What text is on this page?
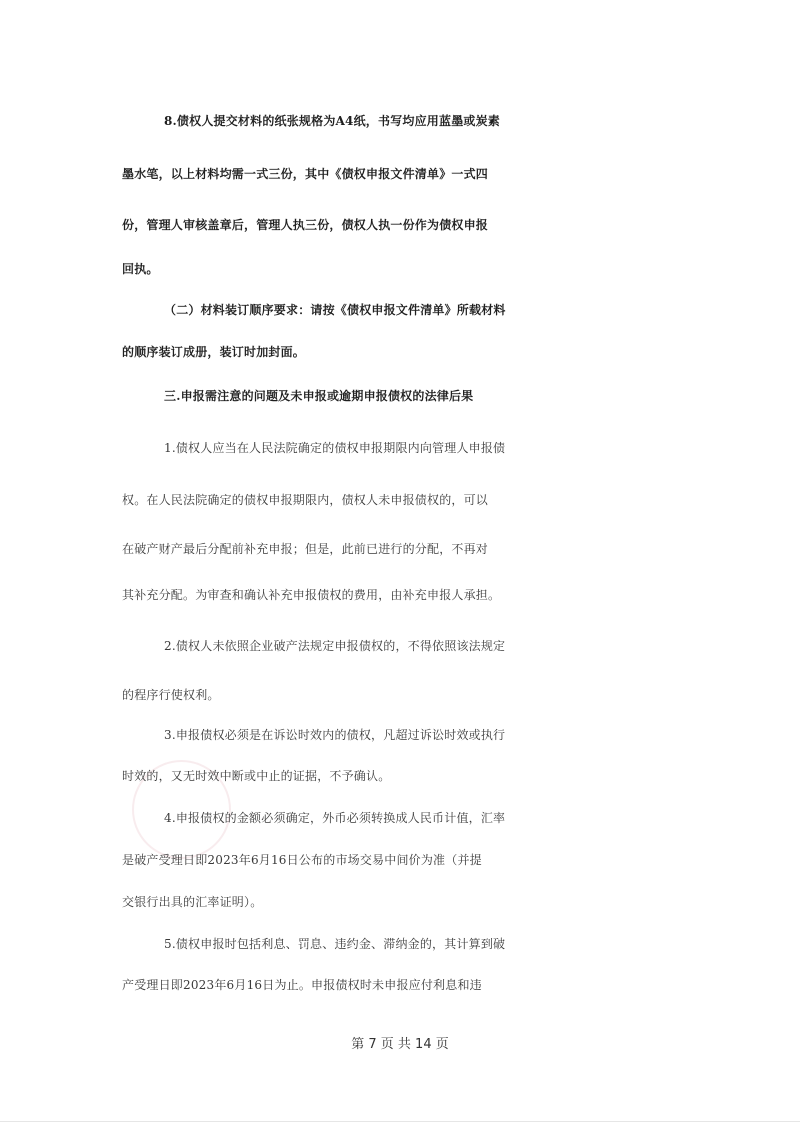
8.债权人提交材料的纸张规格为A4纸，书写均应用蓝墨或炭素
墨水笔，以上材料均需一式三份，其中《债权申报文件清单》一式四
份，管理人审核盖章后，管理人执三份，债权人执一份作为债权申报
回执。
（二）材料装订顺序要求：请按《债权申报文件清单》所载材料
的顺序装订成册，装订时加封面。
三.申报需注意的问题及未申报或逾期申报债权的法律后果
1.债权人应当在人民法院确定的债权申报期限内向管理人申报债
权。在人民法院确定的债权申报期限内，债权人未申报债权的，可以
在破产财产最后分配前补充申报；但是，此前已进行的分配，不再对
其补充分配。为审查和确认补充申报债权的费用，由补充申报人承担。
2.债权人未依照企业破产法规定申报债权的，不得依照该法规定
的程序行使权利。
3.申报债权必须是在诉讼时效内的债权，凡超过诉讼时效或执行
时效的，又无时效中断或中止的证据，不予确认。
4.申报债权的金额必须确定，外币必须转换成人民币计值，汇率
是破产受理日即2023年6月16日公布的市场交易中间价为准（并提
交银行出具的汇率证明）。
5.债权申报时包括利息、罚息、违约金、滞纳金的，其计算到破
产受理日即2023年6月16日为止。申报债权时未申报应付利息和违
第 7 页 共 14 页
